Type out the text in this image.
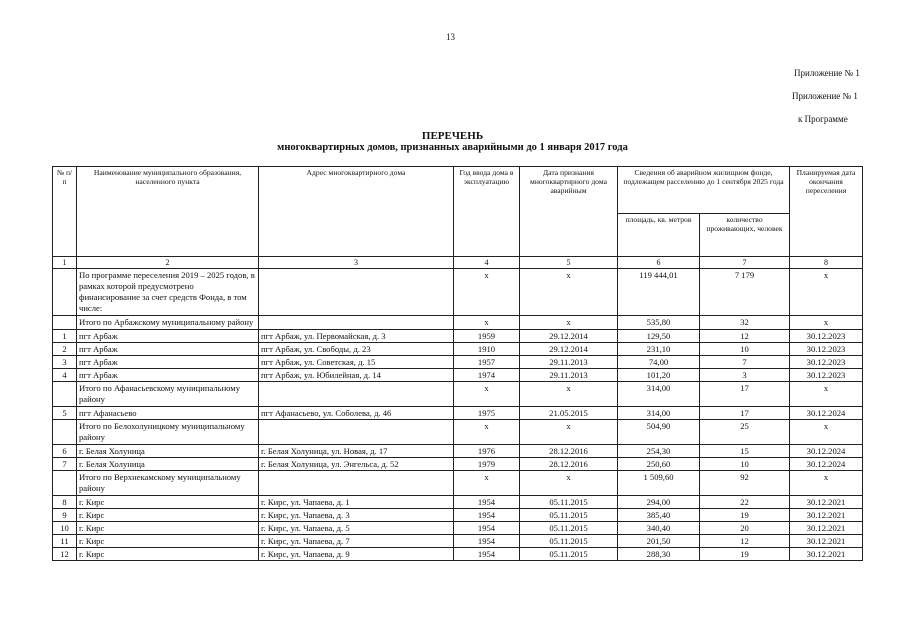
13
Приложение № 1
Приложение № 1
к Программе
ПЕРЕЧЕНЬ
многоквартирных домов, признанных аварийными до 1 января 2017 года
№ п/п	Наименование муниципального образования, населенного пункта	Адрес многоквартирного дома	Год ввода дома в эксплуатацию	Дата признания многоквартирного дома аварийным	Сведения об аварийном жилищном фонде, подлежащем расселению до 1 сентября 2025 года		Планируемая дата окончания переселения
					площадь, кв. метров	количество проживающих, человек	
1	2	3	4	5	6	7	8
	По программе переселения 2019 – 2025 годов, в рамках которой предусмотрено финансирование за счет средств Фонда, в том числе:		х	х	119 444,01	7 179	х
	Итого по Арбажскому муниципальному району		х	х	535,80	32	х
1	пгт Арбаж	пгт Арбаж, ул. Первомайская, д. 3	1959	29.12.2014	129,50	12	30.12.2023
2	пгт Арбаж	пгт Арбаж, ул. Свободы, д. 23	1910	29.12.2014	231,10	10	30.12.2023
3	пгт Арбаж	пгт Арбаж, ул. Советская, д. 15	1957	29.11.2013	74,00	7	30.12.2023
4	пгт Арбаж	пгт Арбаж, ул. Юбилейная, д. 14	1974	29.11.2013	101,20	3	30.12.2023
	Итого по Афанасьевскому муниципальному району		х	х	314,00	17	х
5	пгт Афанасьево	пгт Афанасьево, ул. Соболева, д. 46	1975	21.05.2015	314,00	17	30.12.2024
	Итого по Белохолуницкому муниципальному району		х	х	504,90	25	х
6	г. Белая Холуница	г. Белая Холуница, ул. Новая, д. 17	1976	28.12.2016	254,30	15	30.12.2024
7	г. Белая Холуница	г. Белая Холуница, ул. Энгельса, д. 52	1979	28.12.2016	250,60	10	30.12.2024
	Итого по Верхнекамскому муниципальному району		х	х	1 509,60	92	х
8	г. Кирс	г. Кирс, ул. Чапаева, д. 1	1954	05.11.2015	294,00	22	30.12.2021
9	г. Кирс	г. Кирс, ул. Чапаева, д. 3	1954	05.11.2015	385,40	19	30.12.2021
10	г. Кирс	г. Кирс, ул. Чапаева, д. 5	1954	05.11.2015	340,40	20	30.12.2021
11	г. Кирс	г. Кирс, ул. Чапаева, д. 7	1954	05.11.2015	201,50	12	30.12.2021
12	г. Кирс	г. Кирс, ул. Чапаева, д. 9	1954	05.11.2015	288,30	19	30.12.2021
